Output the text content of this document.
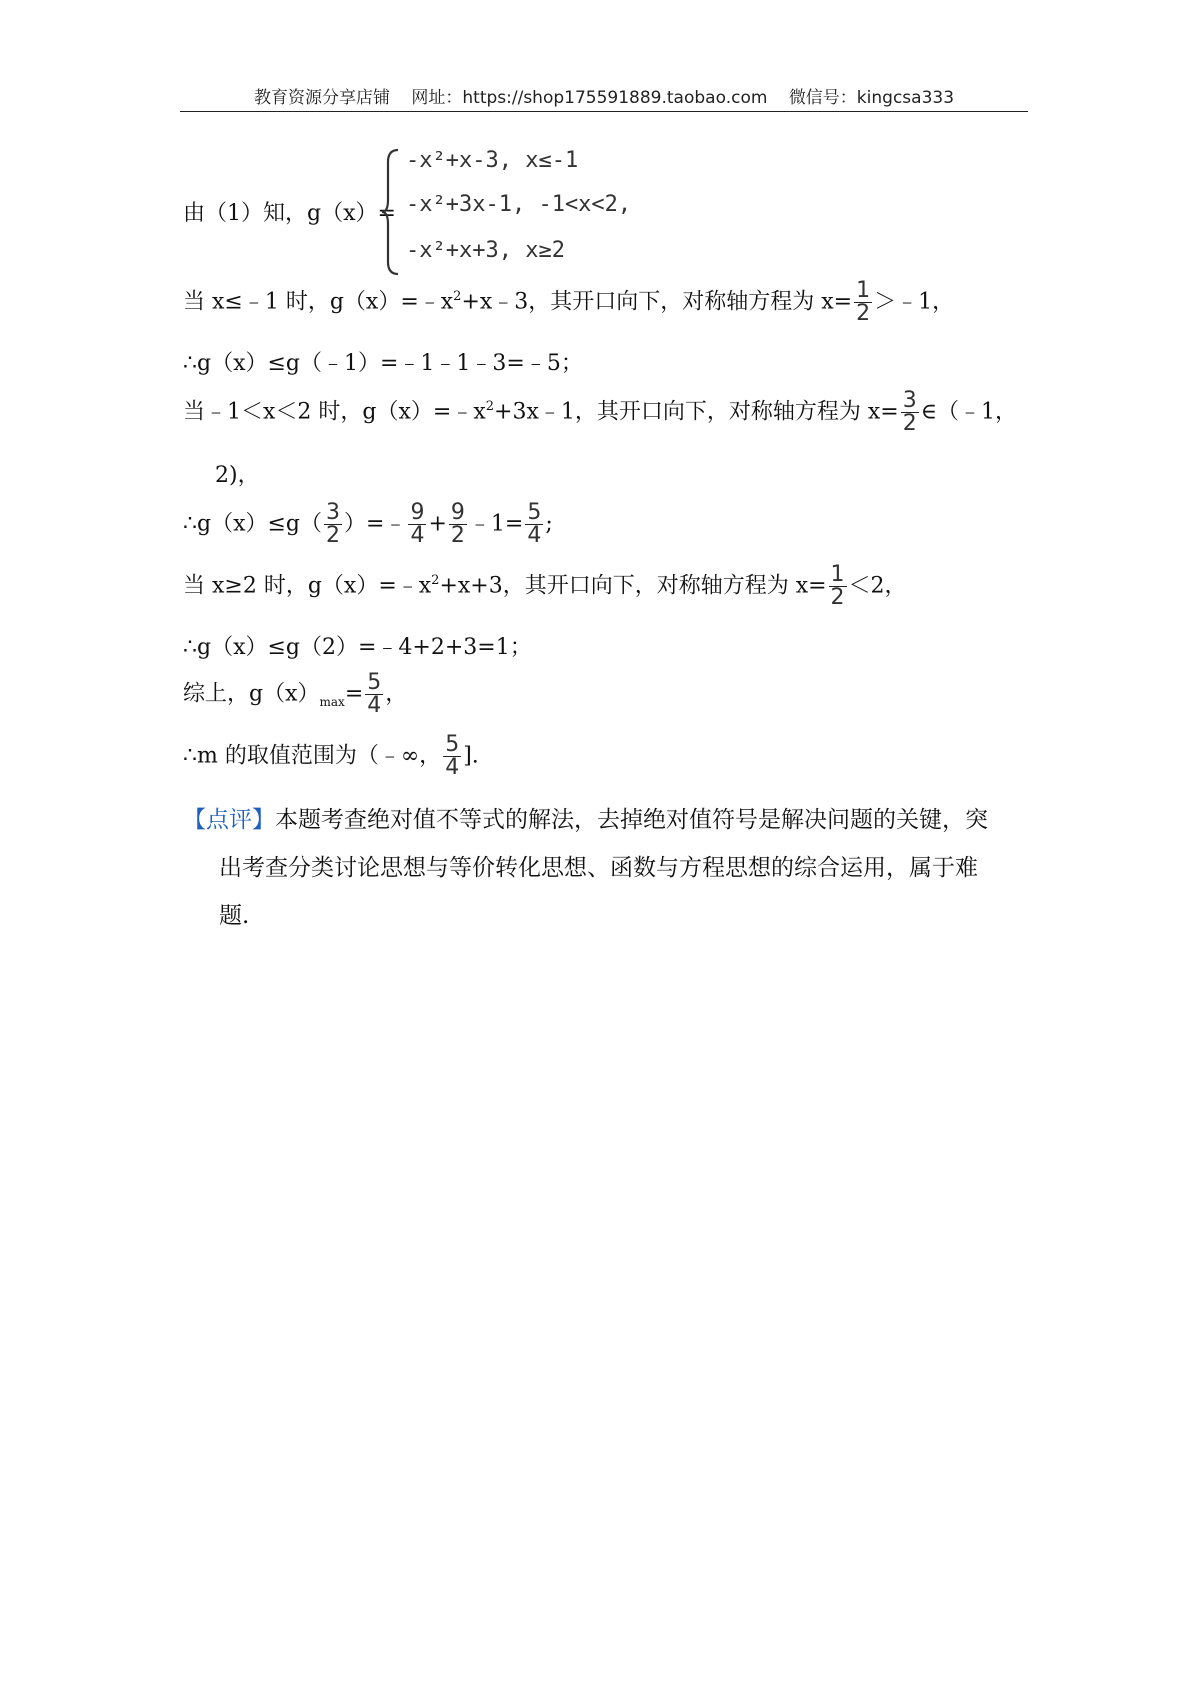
教育资源分享店铺 网址：https://shop175591889.taobao.com 微信号：kingcsa333
由（1）知，g（x）=
-x²+x-3, x≤-1
-x²+3x-1, -1<x<2,
-x²+x+3, x≥2
当 x≤﹣1 时，$g(x)=﹣x^2+x﹣3$，其开口向下，对称轴方程为 $x= \frac{1}{2}$ ＞﹣1，
∴g（x）≤g（﹣1）=﹣1﹣1﹣3=﹣5；
当﹣1＜x＜2 时，$g(x)=﹣x^2+3x﹣1$，其开口向下，对称轴方程为 $x= \frac{3}{2}$ ∈（﹣1，
2)，
∴g（x）≤g（ $\frac{3}{2}$ ）=﹣ $\frac{9}{4} + \frac{9}{2}$ ﹣1= $\frac{5}{4}$ ;
当 x≥2 时，$g(x)=﹣x^2+x+3$，其开口向下，对称轴方程为 $x= \frac{1}{2} <2$，
∴g（x）≤g（2）=﹣4+2+3=1；
综上，$g(x)_{max}= \frac{5}{4}$ ，
∴m 的取值范围为（﹣∞， $\frac{5}{4}$ ].
【点评】本题考查绝对值不等式的解法，去掉绝对值符号是解决问题的关键，突
出考查分类讨论思想与等价转化思想、函数与方程思想的综合运用，属于难
题.
